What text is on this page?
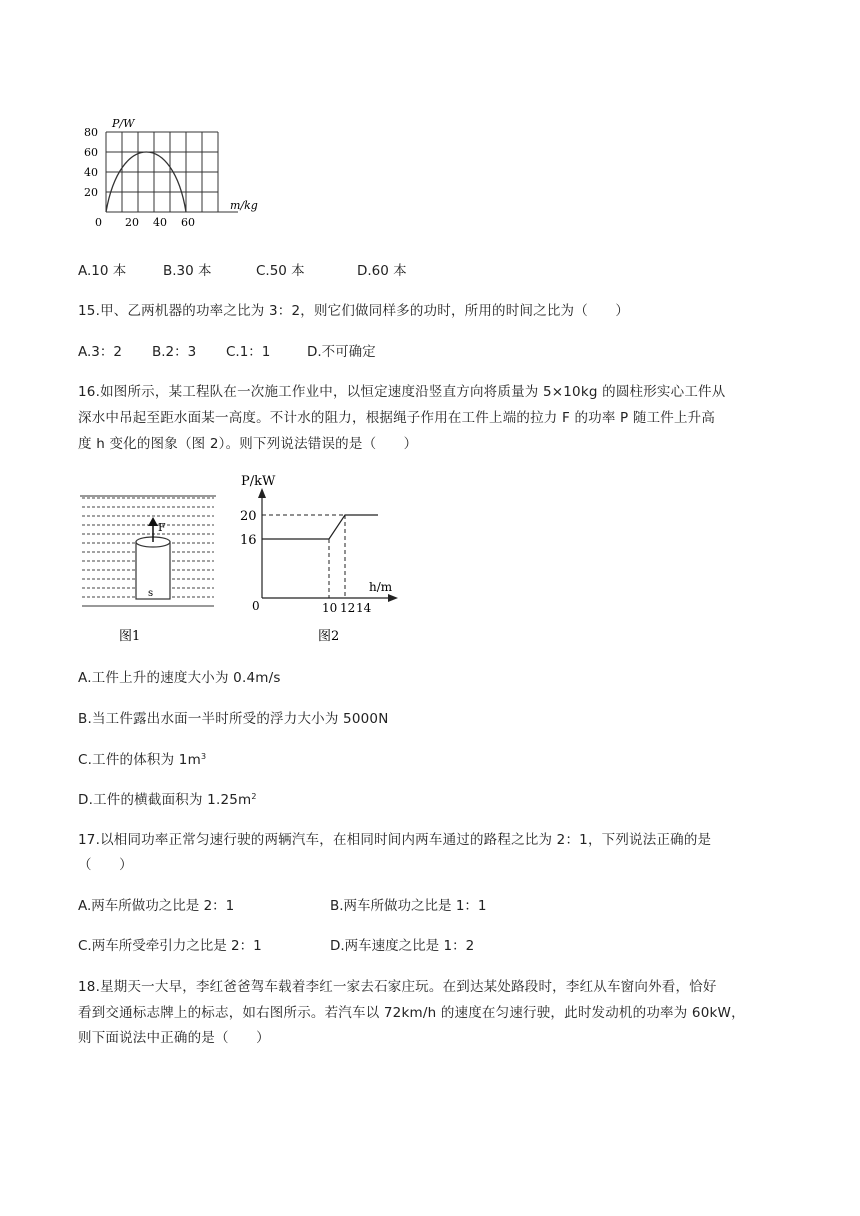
P/W
m/kg
80
60
40
20
0 20 40 60
A.10 本	B.30 本	C.50 本	D.60 本
15.甲、乙两机器的功率之比为 3：2，则它们做同样多的功时，所用的时间之比为（　　）
A.3：2 B.2：3 C.1：1	D.不可确定
16.如图所示，某工程队在一次施工作业中，以恒定速度沿竖直方向将质量为 5×10kg 的圆柱形实心工件从
深水中吊起至距水面某一高度。不计水的阻力，根据绳子作用在工件上端的拉力 F 的功率 P 随工件上升高
度 h 变化的图象（图 2）。则下列说法错误的是（　　）
F
s
图1
P/kW
h/m
20
16
0	10 12 14
图2
A.工件上升的速度大小为 0.4m/s
B.当工件露出水面一半时所受的浮力大小为 5000N
C.工件的体积为 $1m^3$
D.工件的横截面积为 $1.25m^2$
17.以相同功率正常匀速行驶的两辆汽车，在相同时间内两车通过的路程之比为 2：1，下列说法正确的是
（　　）
A.两车所做功之比是 2：1	B.两车所做功之比是 1：1
C.两车所受牵引力之比是 2：1	D.两车速度之比是 1：2
18.星期天一大早，李红爸爸驾车载着李红一家去石家庄玩。在到达某处路段时，李红从车窗向外看，恰好
看到交通标志牌上的标志，如右图所示。若汽车以 72km/h 的速度在匀速行驶，此时发动机的功率为 60kW，
则下面说法中正确的是（　　）
